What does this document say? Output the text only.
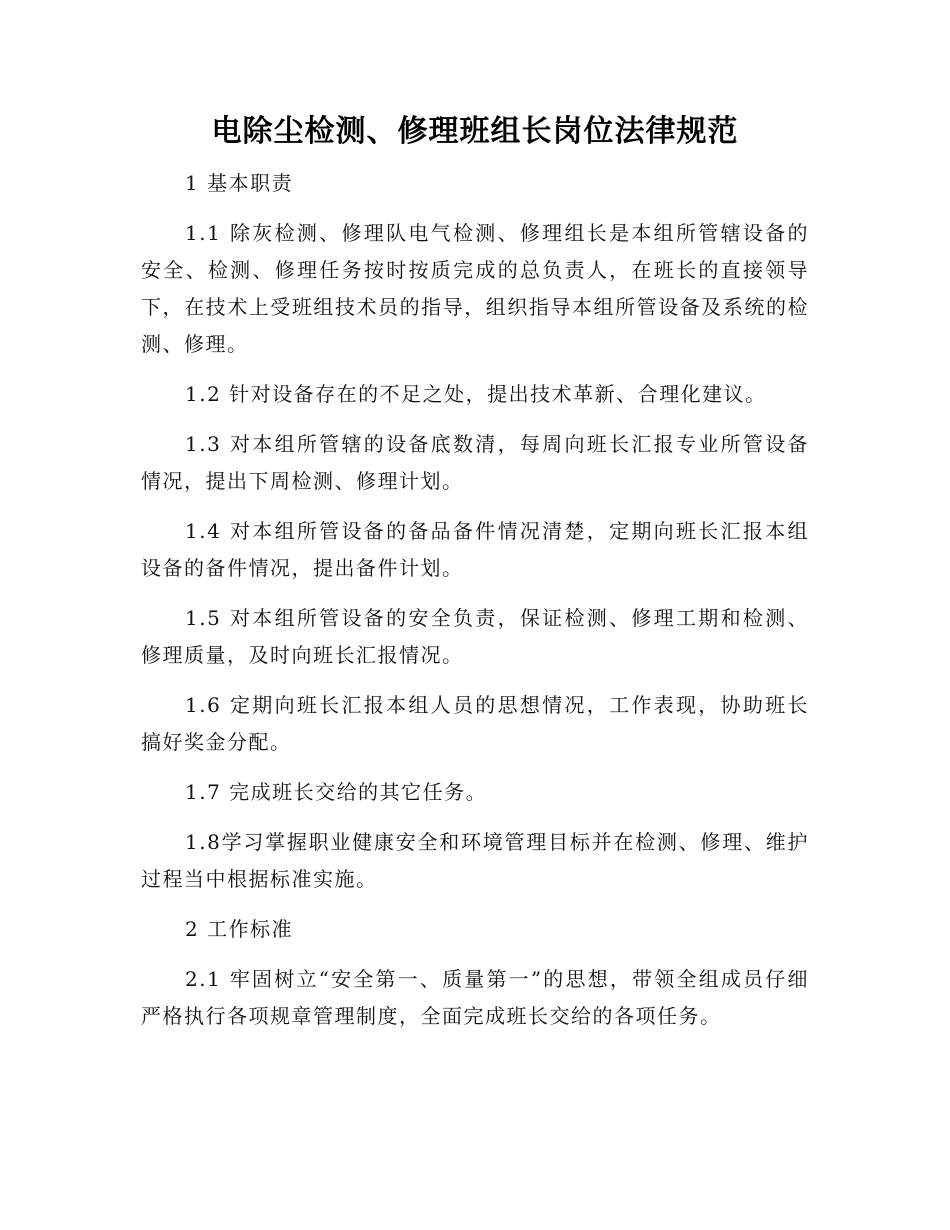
电除尘检测、修理班组长岗位法律规范

1 基本职责

1.1 除灰检测、修理队电气检测、修理组长是本组所管辖设备的安全、检测、修理任务按时按质完成的总负责人，在班长的直接领导下，在技术上受班组技术员的指导，组织指导本组所管设备及系统的检测、修理。

1.2 针对设备存在的不足之处，提出技术革新、合理化建议。

1.3 对本组所管辖的设备底数清，每周向班长汇报专业所管设备情况，提出下周检测、修理计划。

1.4 对本组所管设备的备品备件情况清楚，定期向班长汇报本组设备的备件情况，提出备件计划。

1.5 对本组所管设备的安全负责，保证检测、修理工期和检测、修理质量，及时向班长汇报情况。

1.6 定期向班长汇报本组人员的思想情况，工作表现，协助班长搞好奖金分配。

1.7 完成班长交给的其它任务。

1.8学习掌握职业健康安全和环境管理目标并在检测、修理、维护过程当中根据标准实施。

2 工作标准

2.1 牢固树立“安全第一、质量第一”的思想，带领全组成员仔细严格执行各项规章管理制度，全面完成班长交给的各项任务。
